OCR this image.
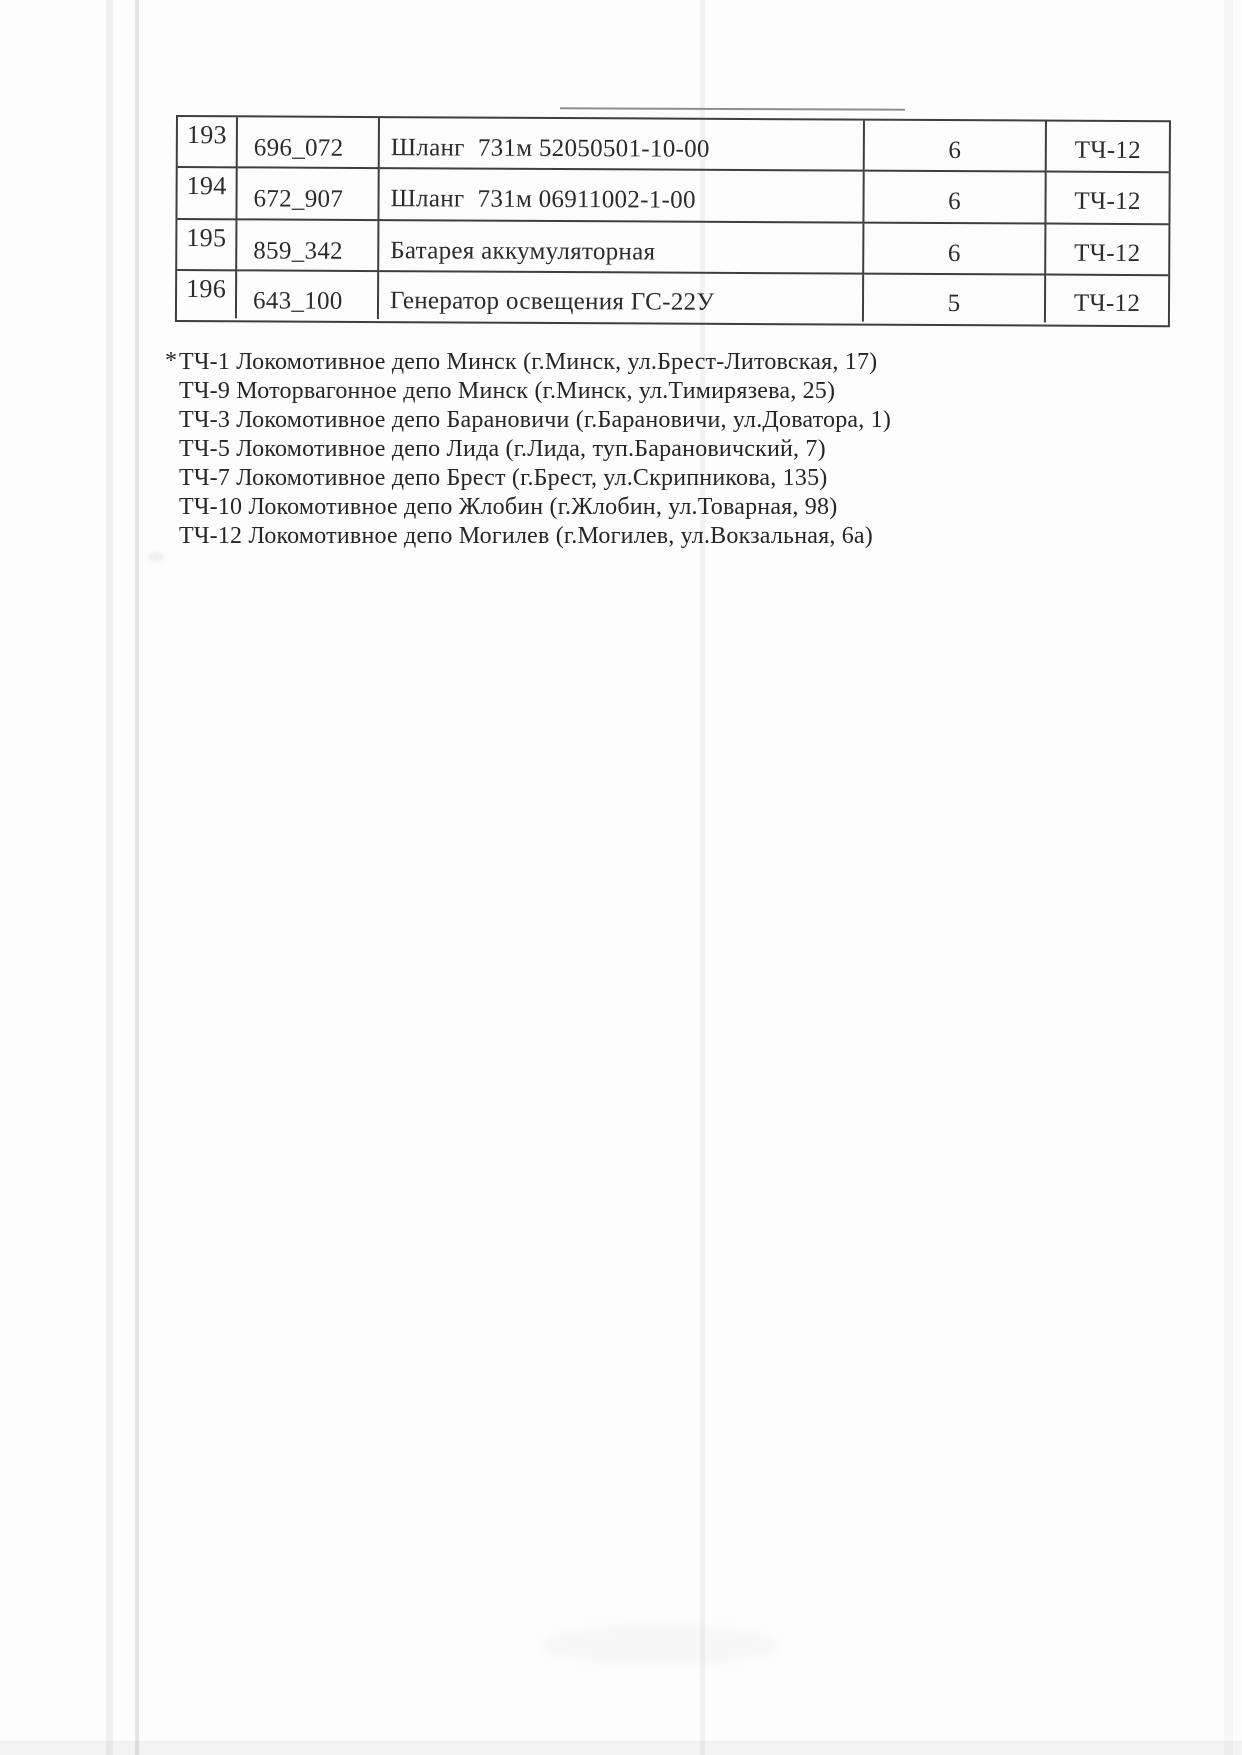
193	696_072	Шланг  731м 52050501-10-00	6	ТЧ-12
194	672_907	Шланг  731м 06911002-1-00	6	ТЧ-12
195	859_342	Батарея аккумуляторная	6	ТЧ-12
196	643_100	Генератор освещения ГС-22У	5	ТЧ-12
* ТЧ-1 Локомотивное депо Минск (г.Минск, ул.Брест-Литовская, 17)
ТЧ-9 Моторвагонное депо Минск (г.Минск, ул.Тимирязева, 25)
ТЧ-3 Локомотивное депо Барановичи (г.Барановичи, ул.Доватора, 1)
ТЧ-5 Локомотивное депо Лида (г.Лида, туп.Барановичский, 7)
ТЧ-7 Локомотивное депо Брест (г.Брест, ул.Скрипникова, 135)
ТЧ-10 Локомотивное депо Жлобин (г.Жлобин, ул.Товарная, 98)
ТЧ-12 Локомотивное депо Могилев (г.Могилев, ул.Вокзальная, 6а)
